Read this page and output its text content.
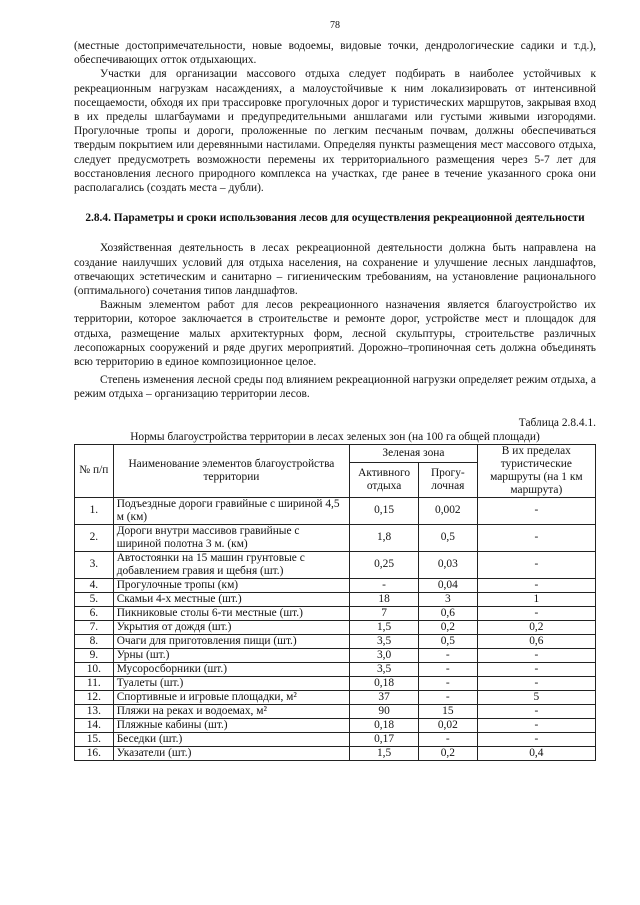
78

(местные достопримечательности, новые водоемы, видовые точки, дендрологические садики и т.д.), обеспечивающих отток отдыхающих.

Участки для организации массового отдыха следует подбирать в наиболее устойчивых к рекреационным нагрузкам насаждениях, а малоустойчивые к ним локализировать от интенсивной посещаемости, обходя их при трассировке прогулочных дорог и туристических маршрутов, закрывая вход в их пределы шлагбаумами и предупредительными аншлагами или густыми живыми изгородями. Прогулочные тропы и дороги, проложенные по легким песчаным почвам, должны обеспечиваться твердым покрытием или деревянными настилами. Определяя пункты размещения мест массового отдыха, следует предусмотреть возможности перемены их территориального размещения через 5-7 лет для восстановления лесного природного комплекса на участках, где ранее в течение указанного срока они располагались (создать места – дубли).

2.8.4. Параметры и сроки использования лесов для осуществления рекреационной деятельности

Хозяйственная деятельность в лесах рекреационной деятельности должна быть направлена на создание наилучших условий для отдыха населения, на сохранение и улучшение лесных ландшафтов, отвечающих эстетическим и санитарно – гигиеническим требованиям, на установление рационального (оптимального) сочетания типов ландшафтов.

Важным элементом работ для лесов рекреационного назначения является благоустройство их территории, которое заключается в строительстве и ремонте дорог, устройстве мест и площадок для отдыха, размещение малых архитектурных форм, лесной скульптуры, строительстве различных лесопожарных сооружений и ряде других мероприятий. Дорожно–тропиночная сеть должна объединять всю территорию в единое композиционное целое.

Степень изменения лесной среды под влиянием рекреационной нагрузки определяет режим отдыха, а режим отдыха – организацию территории лесов.

Таблица 2.8.4.1.
Нормы благоустройства территории в лесах зеленых зон (на 100 га общей площади)
№ п/п	Наименование элементов благоустройства территории	Зеленая зона		В их пределах туристические маршруты (на 1 км маршрута)
		Активного отдыха	Прогу-лочная	
1.	Подъездные дороги гравийные с шириной 4,5 м (км)	0,15	0,002	-
2.	Дороги внутри массивов гравийные с шириной полотна 3 м. (км)	1,8	0,5	-
3.	Автостоянки на 15 машин грунтовые с добавлением гравия и щебня (шт.)	0,25	0,03	-
4.	Прогулочные тропы (км)	-	0,04	-
5.	Скамьи 4-х местные (шт.)	18	3	1
6.	Пикниковые столы 6-ти местные (шт.)	7	0,6	-
7.	Укрытия от дождя (шт.)	1,5	0,2	0,2
8.	Очаги для приготовления пищи (шт.)	3,5	0,5	0,6
9.	Урны (шт.)	3,0	-	-
10.	Мусоросборники (шт.)	3,5	-	-
11.	Туалеты (шт.)	0,18	-	-
12.	Спортивные и игровые площадки, м²	37	-	5
13.	Пляжи на реках и водоемах, м²	90	15	-
14.	Пляжные кабины (шт.)	0,18	0,02	-
15.	Беседки (шт.)	0,17	-	-
16.	Указатели (шт.)	1,5	0,2	0,4
